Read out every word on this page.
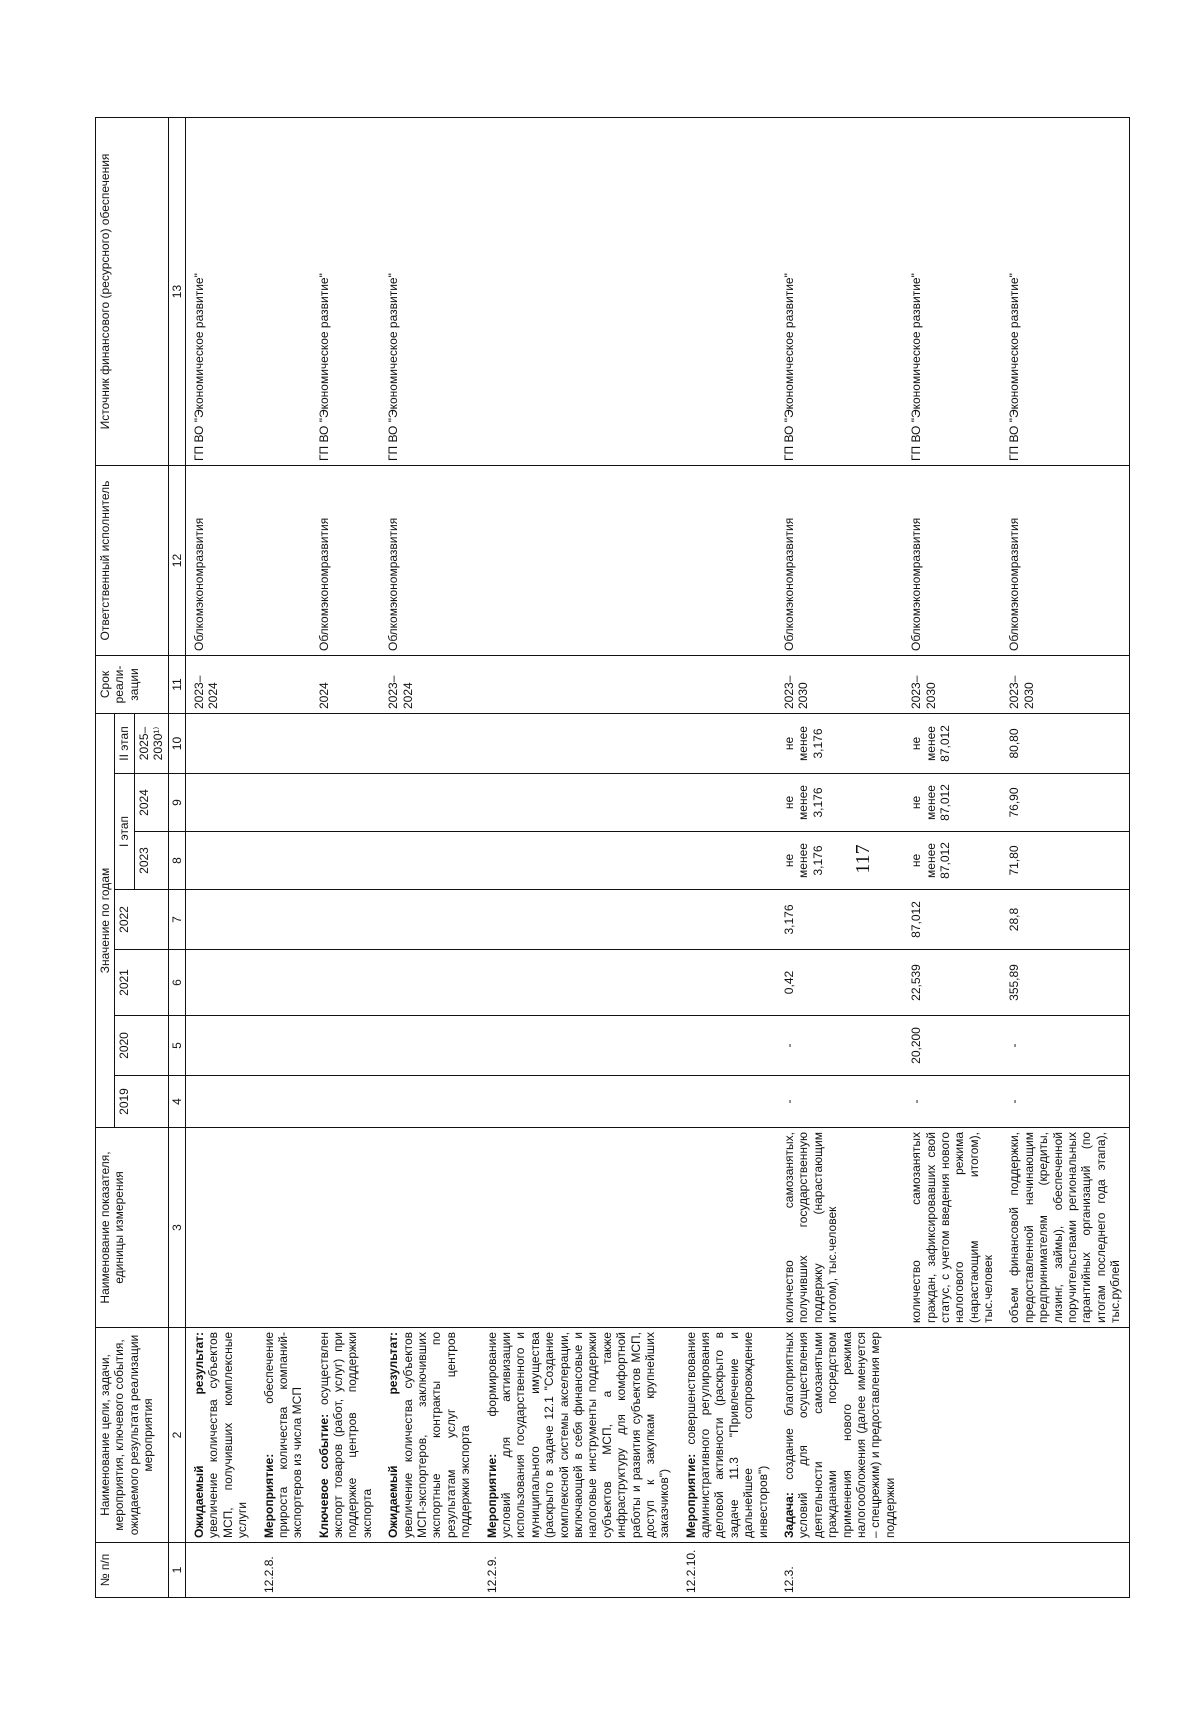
117
№ п/п	Наименование цели, задачи, мероприятия, ключевого события, ожидаемого результата реализации мероприятия	Наименование показателя, единицы измерения	Значение по годам							Срок реали-зации	Ответственный исполнитель	Источник финансового (ресурсного) обеспечения
			2019	2020	2021	2022	I этап		II этап			
							2023	2024	2025–2030¹⁾			
1	2	3	4	5	6	7	8	9	10	11	12	13
	Ожидаемый результат: увеличение количества субъектов МСП, получивших комплексные услуги									2023–2024	Облкомэкономразвития	ГП ВО "Экономическое развитие"
12.2.8.	Мероприятие: обеспечение прироста количества компаний-экспортеров из числа МСП											
	Ключевое событие: осуществлен экспорт товаров (работ, услуг) при поддержке центров поддержки экспорта									2024	Облкомэкономразвития	ГП ВО "Экономическое развитие"
	Ожидаемый результат: увеличение количества субъектов МСП-экспортеров, заключивших экспортные контракты по результатам услуг центров поддержки экспорта									2023–2024	Облкомэкономразвития	ГП ВО "Экономическое развитие"
12.2.9.	Мероприятие: формирование условий для активизации использования государственного и муниципального имущества (раскрыто в задаче 12.1 "Создание комплексной системы акселерации, включающей в себя финансовые и налоговые инструменты поддержки субъектов МСП, а также инфраструктуру для комфортной работы и развития субъектов МСП, доступ к закупкам крупнейших заказчиков")											
12.2.10.	Мероприятие: совершенствование административного регулирования деловой активности (раскрыто в задаче 11.3 "Привлечение и дальнейшее сопровождение инвесторов")											
12.3.	Задача: создание благоприятных условий для осуществления деятельности самозанятыми гражданами посредством применения нового режима налогообложения (далее именуется – спецрежим) и предоставления мер поддержки	количество самозанятых, получивших государственную поддержку (нарастающим итогом), тыс.человек	-	-	0,42	3,176	не менее 3,176	не менее 3,176	не менее 3,176	2023–2030	Облкомэкономразвития	ГП ВО "Экономическое развитие"
		количество самозанятых граждан, зафиксировавших свой статус, с учетом введения нового налогового режима (нарастающим итогом), тыс.человек	-	20,200	22,539	87,012	не менее 87,012	не менее 87,012	не менее 87,012	2023–2030	Облкомэкономразвития	ГП ВО "Экономическое развитие"
		объем финансовой поддержки, предоставленной начинающим предпринимателям (кредиты, лизинг, займы), обеспеченной поручительствами региональных гарантийных организаций (по итогам последнего года этапа), тыс.рублей	-	-	355,89	28,8	71,80	76,90	80,80	2023–2030	Облкомэкономразвития	ГП ВО "Экономическое развитие"
